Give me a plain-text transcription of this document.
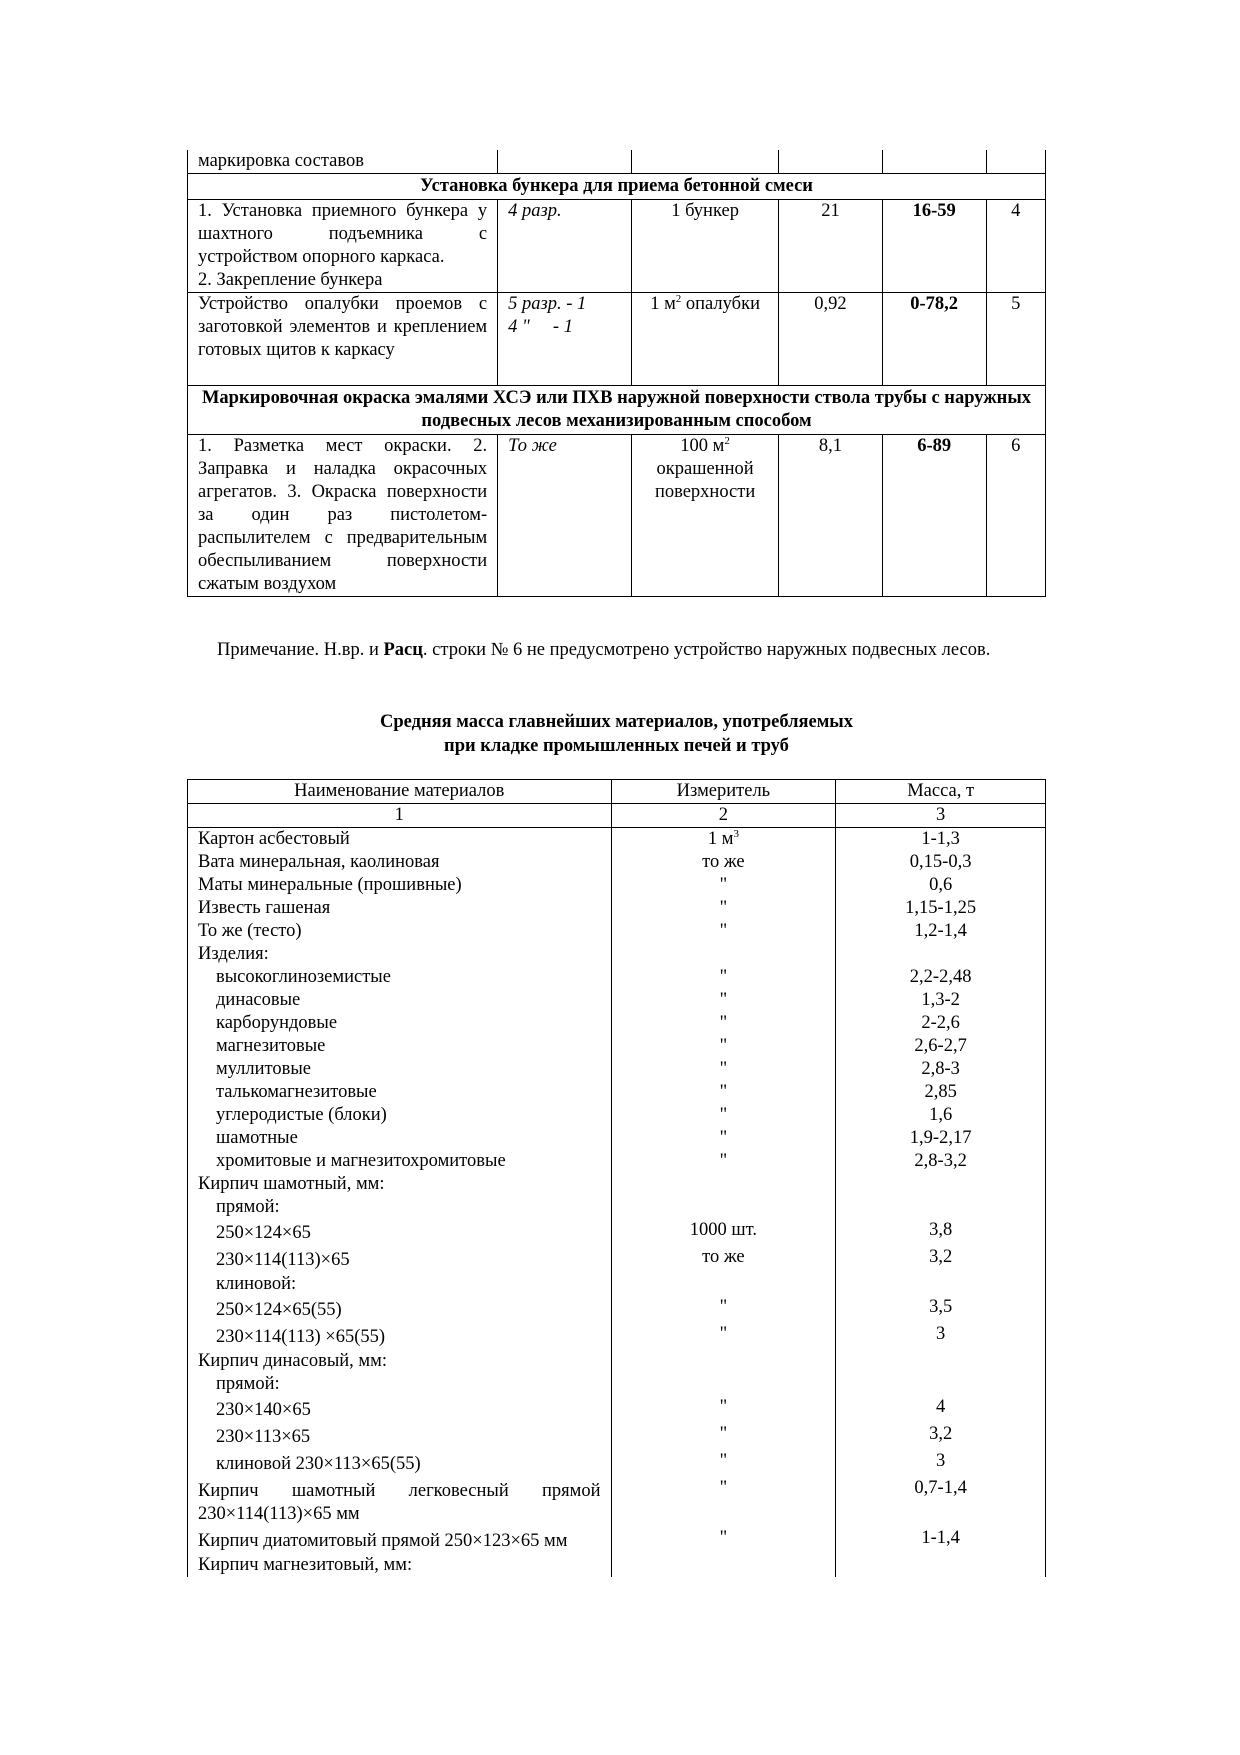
маркировка составов					
Установка бункера для приема бетонной смеси					

1. Установка приемного бункера у шахтного подъемника с устройством опорного каркаса.

2. Закрепление бункера	4 разр.	1 бункер	21	16-59	4

Устройство опалубки проемов с заготовкой элементов и креплением готовых щитов к каркасу	5 разр. - 1
4 "     - 1	1 $м^2$ опалубки	0,92	0-78,2	5
Маркировочная окраска эмалями ХСЭ или ПХВ наружной поверхности ствола трубы с наружных подвесных лесов механизированным способом					

1. Разметка мест окраски. 2. Заправка и наладка окрасочных агрегатов. 3. Окраска поверхности за один раз пистолетом-распылителем с предварительным обеспыливанием поверхности сжатым воздухом	То же	100 $м^2$
окрашенной поверхности	8,1	6-89	6

Примечание. Н.вр. и Расц. строки № 6 не предусмотрено устройство наружных подвесных лесов.

Средняя масса главнейших материалов, употребляемых
при кладке промышленных печей и труб
Наименование материалов	Измеритель	Масса, т
1	2	3
Картон асбестовый	1 $м^3$	1-1,3
Вата минеральная, каолиновая	то же	0,15-0,3
Маты минеральные (прошивные)	"	0,6
Известь гашеная	"	1,15-1,25
То же (тесто)	"	1,2-1,4
Изделия:		
высокоглиноземистые	"	2,2-2,48
динасовые	"	1,3-2
карборундовые	"	2-2,6
магнезитовые	"	2,6-2,7
муллитовые	"	2,8-3
талькомагнезитовые	"	2,85
углеродистые (блоки)	"	1,6
шамотные	"	1,9-2,17
хромитовые и магнезитохромитовые	"	2,8-3,2
Кирпич шамотный, мм:		
прямой:		
250×124×65	1000 шт.	3,8
230×114(113)×65	то же	3,2
клиновой:		
250×124×65(55)	"	3,5
230×114(113) ×65(55)	"	3
Кирпич динасовый, мм:		
прямой:		
230×140×65	"	4
230×113×65	"	3,2
клиновой 230×113×65(55)	"	3
Кирпич шамотный легковесный прямой 230×114(113)×65 мм	"	0,7-1,4
Кирпич диатомитовый прямой 250×123×65 мм	"	1-1,4
Кирпич магнезитовый, мм:		
